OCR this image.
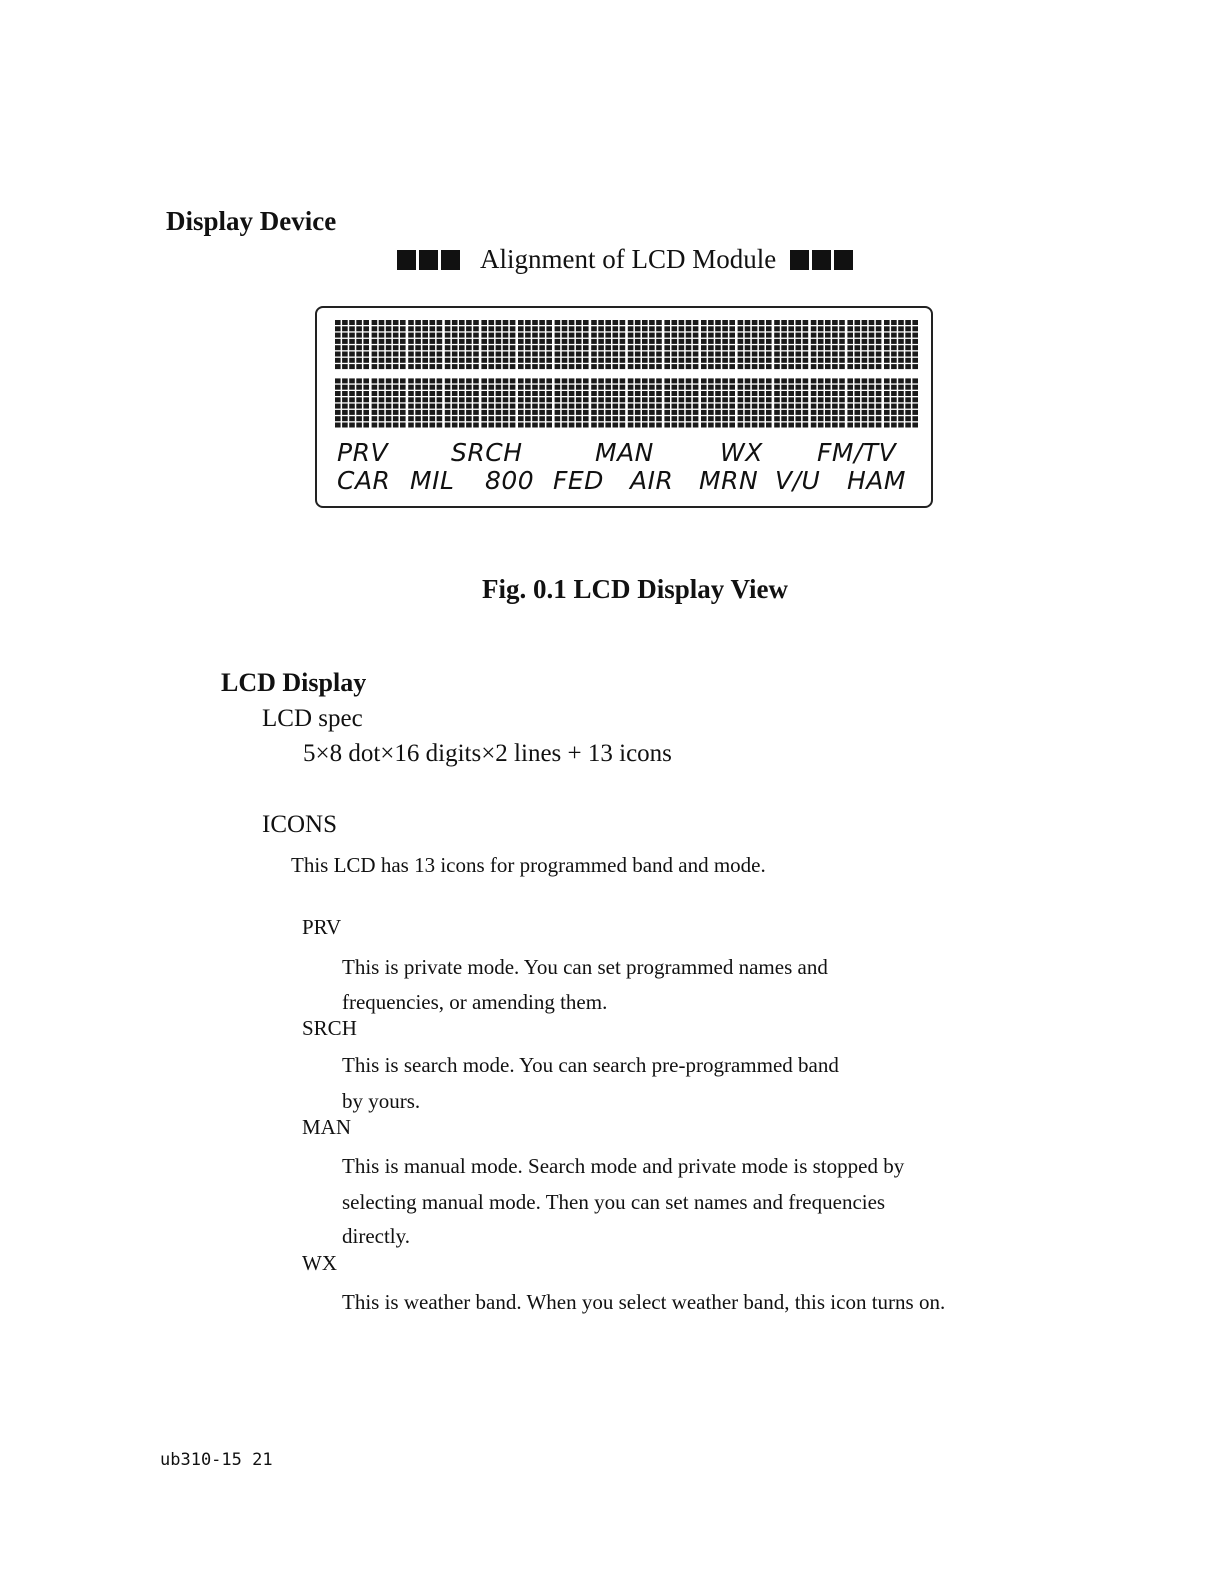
Display Device
Alignment of LCD Module
PRV	SRCH	MAN	WX FM/TV
CAR MIL 800 FED AIR MRN V/U HAM
Fig. 0.1 LCD Display View
LCD Display
LCD spec
5×8 dot×16 digits×2 lines + 13 icons
ICONS
This LCD has 13 icons for programmed band and mode.
PRV
This is private mode. You can set programmed names and
frequencies, or amending them.
SRCH
This is search mode. You can search pre-programmed band
by yours.
MAN
This is manual mode. Search mode and private mode is stopped by
selecting manual mode. Then you can set names and frequencies
directly.
WX
This is weather band. When you select weather band, this icon turns on.
ub310-15 21
